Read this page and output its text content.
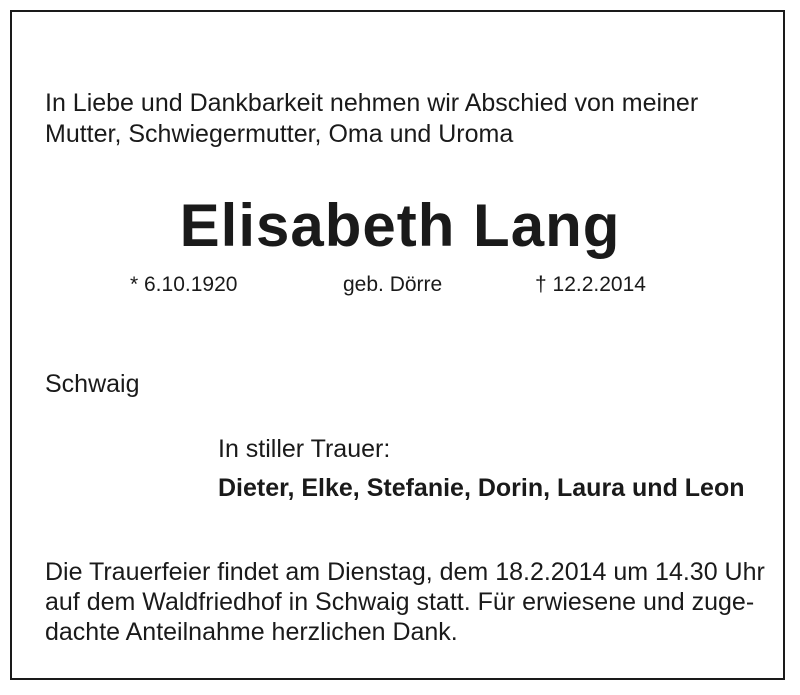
In Liebe und Dankbarkeit nehmen wir Abschied von meiner
Mutter, Schwiegermutter, Oma und Uroma
Elisabeth Lang
* 6.10.1920	geb. Dörre	† 12.2.2014
Schwaig
In stiller Trauer:
Dieter, Elke, Stefanie, Dorin, Laura und Leon
Die Trauerfeier findet am Dienstag, dem 18.2.2014 um 14.30 Uhr
auf dem Waldfriedhof in Schwaig statt. Für erwiesene und zuge-
dachte Anteilnahme herzlichen Dank.
